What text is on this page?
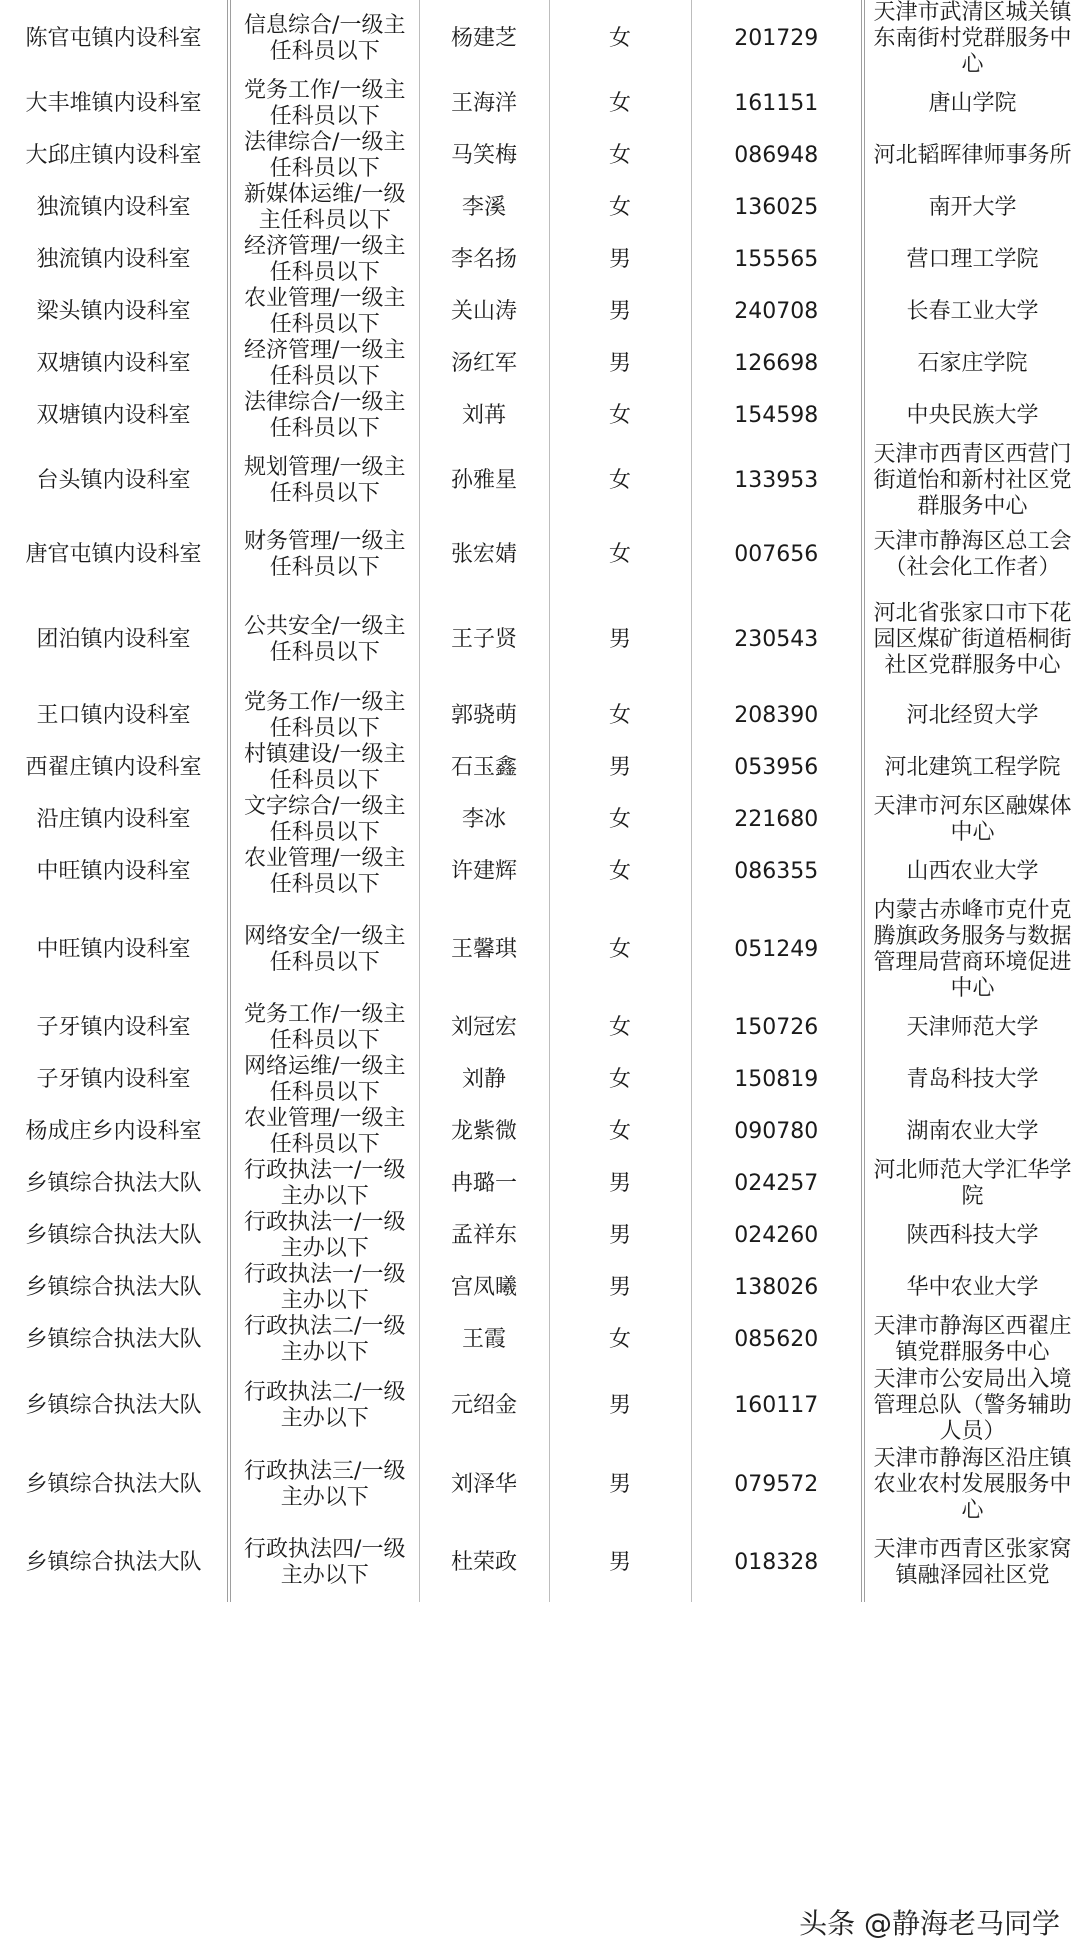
陈官屯镇内设科室	信息综合/一级主任科员以下	杨建芝	女	201729	天津市武清区城关镇东南街村党群服务中心
大丰堆镇内设科室	党务工作/一级主任科员以下	王海洋	女	161151	唐山学院
大邱庄镇内设科室	法律综合/一级主任科员以下	马笑梅	女	086948	河北韬晖律师事务所
独流镇内设科室	新媒体运维/一级主任科员以下	李溪	女	136025	南开大学
独流镇内设科室	经济管理/一级主任科员以下	李名扬	男	155565	营口理工学院
梁头镇内设科室	农业管理/一级主任科员以下	关山涛	男	240708	长春工业大学
双塘镇内设科室	经济管理/一级主任科员以下	汤红军	男	126698	石家庄学院
双塘镇内设科室	法律综合/一级主任科员以下	刘苒	女	154598	中央民族大学
台头镇内设科室	规划管理/一级主任科员以下	孙雅星	女	133953	天津市西青区西营门街道怡和新村社区党群服务中心
唐官屯镇内设科室	财务管理/一级主任科员以下	张宏婧	女	007656	天津市静海区总工会（社会化工作者）
团泊镇内设科室	公共安全/一级主任科员以下	王子贤	男	230543	河北省张家口市下花园区煤矿街道梧桐街社区党群服务中心
王口镇内设科室	党务工作/一级主任科员以下	郭骁萌	女	208390	河北经贸大学
西翟庄镇内设科室	村镇建设/一级主任科员以下	石玉鑫	男	053956	河北建筑工程学院
沿庄镇内设科室	文字综合/一级主任科员以下	李冰	女	221680	天津市河东区融媒体中心
中旺镇内设科室	农业管理/一级主任科员以下	许建辉	女	086355	山西农业大学
中旺镇内设科室	网络安全/一级主任科员以下	王馨琪	女	051249	内蒙古赤峰市克什克腾旗政务服务与数据管理局营商环境促进中心
子牙镇内设科室	党务工作/一级主任科员以下	刘冠宏	女	150726	天津师范大学
子牙镇内设科室	网络运维/一级主任科员以下	刘静	女	150819	青岛科技大学
杨成庄乡内设科室	农业管理/一级主任科员以下	龙紫微	女	090780	湖南农业大学
乡镇综合执法大队	行政执法一/一级主办以下	冉璐一	男	024257	河北师范大学汇华学院
乡镇综合执法大队	行政执法一/一级主办以下	孟祥东	男	024260	陕西科技大学
乡镇综合执法大队	行政执法一/一级主办以下	宫凤曦	男	138026	华中农业大学
乡镇综合执法大队	行政执法二/一级主办以下	王霞	女	085620	天津市静海区西翟庄镇党群服务中心
乡镇综合执法大队	行政执法二/一级主办以下	元绍金	男	160117	天津市公安局出入境管理总队（警务辅助人员）
乡镇综合执法大队	行政执法三/一级主办以下	刘泽华	男	079572	天津市静海区沿庄镇农业农村发展服务中心
乡镇综合执法大队	行政执法四/一级主办以下	杜荣政	男	018328	天津市西青区张家窝镇融泽园社区党
头条 @静海老马同学
